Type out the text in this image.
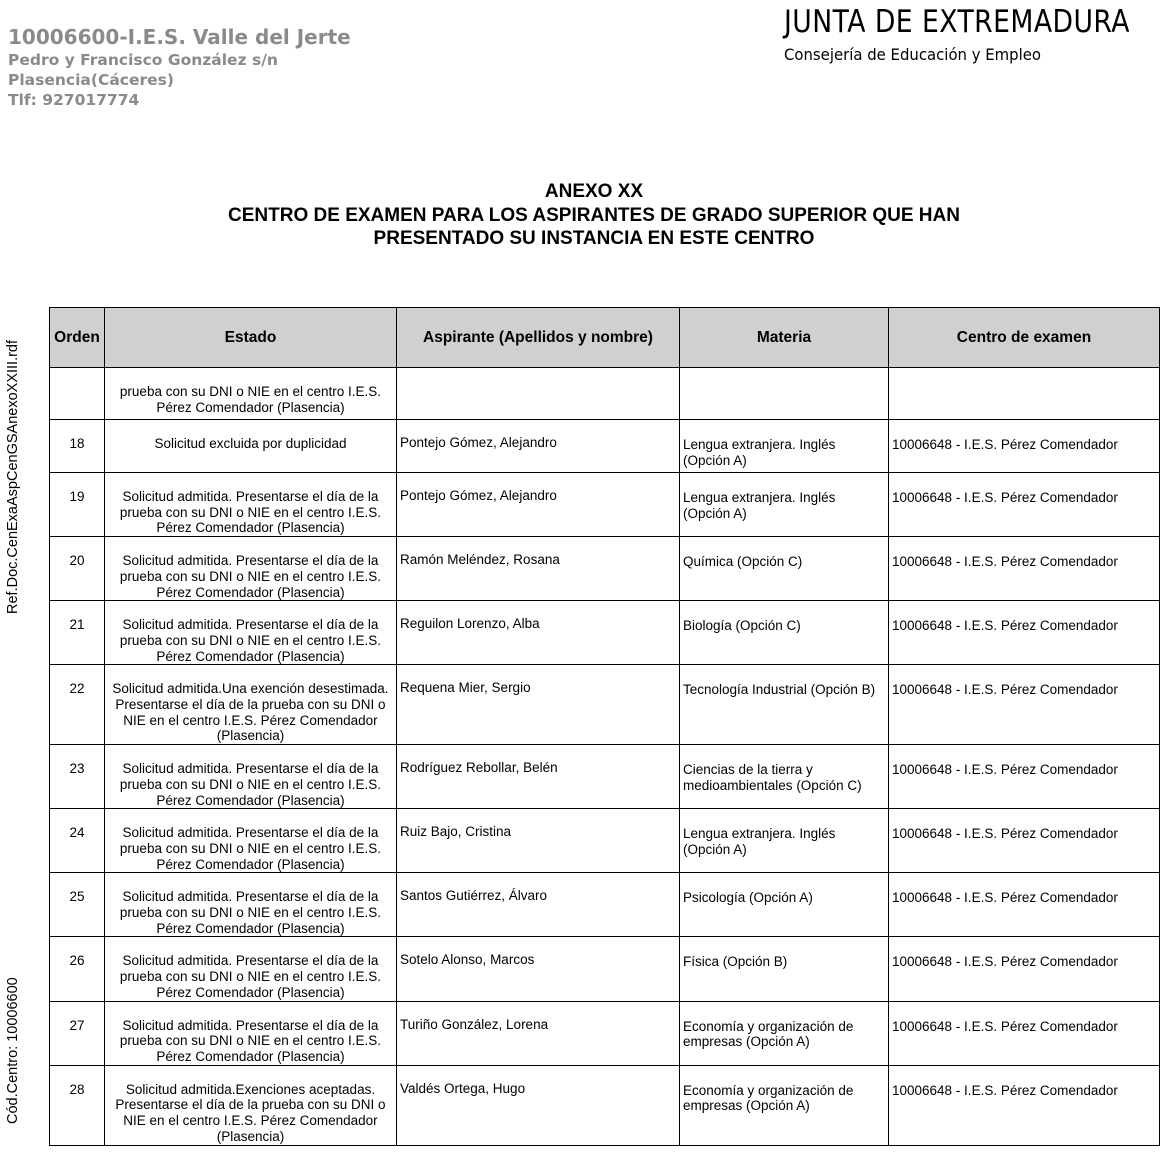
10006600-I.E.S. Valle del Jerte
Pedro y Francisco González s/n
Plasencia(Cáceres)
Tlf: 927017774
JUNTA DE EXTREMADURA
Consejería de Educación y Empleo
ANEXO XX
CENTRO DE EXAMEN PARA LOS ASPIRANTES DE GRADO SUPERIOR QUE HAN
PRESENTADO SU INSTANCIA EN ESTE CENTRO
Ref.Doc.CenExaAspCenGSAnexoXXIII.rdf
Cód.Centro: 10006600
Orden	Estado	Aspirante (Apellidos y nombre)	Materia	Centro de examen
	prueba con su DNI o NIE en el centro I.E.S. Pérez Comendador (Plasencia)			
18	Solicitud excluida por duplicidad	Pontejo Gómez, Alejandro	Lengua extranjera. Inglés (Opción A)	10006648 - I.E.S. Pérez Comendador
19	Solicitud admitida. Presentarse el día de la prueba con su DNI o NIE en el centro I.E.S. Pérez Comendador (Plasencia)	Pontejo Gómez, Alejandro	Lengua extranjera. Inglés (Opción A)	10006648 - I.E.S. Pérez Comendador
20	Solicitud admitida. Presentarse el día de la prueba con su DNI o NIE en el centro I.E.S. Pérez Comendador (Plasencia)	Ramón Meléndez, Rosana	Química (Opción C)	10006648 - I.E.S. Pérez Comendador
21	Solicitud admitida. Presentarse el día de la prueba con su DNI o NIE en el centro I.E.S. Pérez Comendador (Plasencia)	Reguilon Lorenzo, Alba	Biología (Opción C)	10006648 - I.E.S. Pérez Comendador
22	Solicitud admitida.Una exención desestimada. Presentarse el día de la prueba con su DNI o NIE en el centro I.E.S. Pérez Comendador (Plasencia)	Requena Mier, Sergio	Tecnología Industrial (Opción B)	10006648 - I.E.S. Pérez Comendador
23	Solicitud admitida. Presentarse el día de la prueba con su DNI o NIE en el centro I.E.S. Pérez Comendador (Plasencia)	Rodríguez Rebollar, Belén	Ciencias de la tierra y medioambientales (Opción C)	10006648 - I.E.S. Pérez Comendador
24	Solicitud admitida. Presentarse el día de la prueba con su DNI o NIE en el centro I.E.S. Pérez Comendador (Plasencia)	Ruiz Bajo, Cristina	Lengua extranjera. Inglés (Opción A)	10006648 - I.E.S. Pérez Comendador
25	Solicitud admitida. Presentarse el día de la prueba con su DNI o NIE en el centro I.E.S. Pérez Comendador (Plasencia)	Santos Gutiérrez, Álvaro	Psicología (Opción A)	10006648 - I.E.S. Pérez Comendador
26	Solicitud admitida. Presentarse el día de la prueba con su DNI o NIE en el centro I.E.S. Pérez Comendador (Plasencia)	Sotelo Alonso, Marcos	Física (Opción B)	10006648 - I.E.S. Pérez Comendador
27	Solicitud admitida. Presentarse el día de la prueba con su DNI o NIE en el centro I.E.S. Pérez Comendador (Plasencia)	Turiño González, Lorena	Economía y organización de empresas (Opción A)	10006648 - I.E.S. Pérez Comendador
28	Solicitud admitida.Exenciones aceptadas. Presentarse el día de la prueba con su DNI o NIE en el centro I.E.S. Pérez Comendador (Plasencia)	Valdés Ortega, Hugo	Economía y organización de empresas (Opción A)	10006648 - I.E.S. Pérez Comendador
